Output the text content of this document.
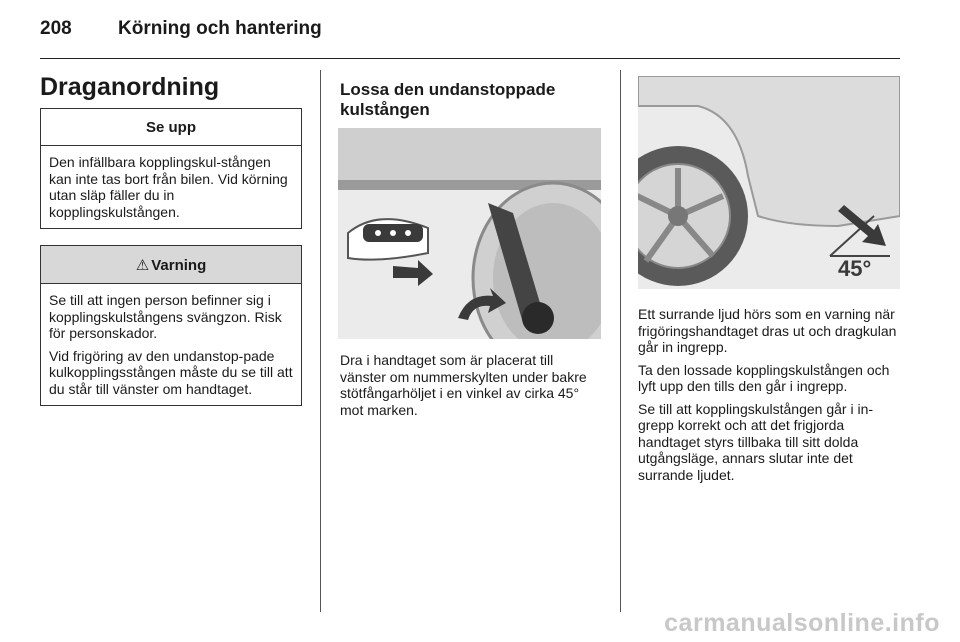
208 Körning och hantering
Draganordning
Se upp

Den infällbara kopplingskul-stången kan inte tas bort från bilen. Vid körning utan släp fäller du in kopplingskulstången.

⚠ Varning

Se till att ingen person befinner sig i kopplingskulstångens svängzon. Risk för personskador.

Vid frigöring av den undanstop-pade kulkopplingsstången måste du se till att du står till vänster om handtaget.

Lossa den undanstoppade kulstången

Dra i handtaget som är placerat till vänster om nummerskylten under bakre stötfångarhöljet i en vinkel av cirka 45° mot marken.

45°

Ett surrande ljud hörs som en varning när frigöringshandtaget dras ut och dragkulan går in ingrepp.

Ta den lossade kopplingskulstången och lyft upp den tills den går i ingrepp.

Se till att kopplingskulstången går i in-grepp korrekt och att det frigjorda handtaget styrs tillbaka till sitt dolda utgångsläge, annars slutar inte det surrande ljudet.

carmanualsonline.info
